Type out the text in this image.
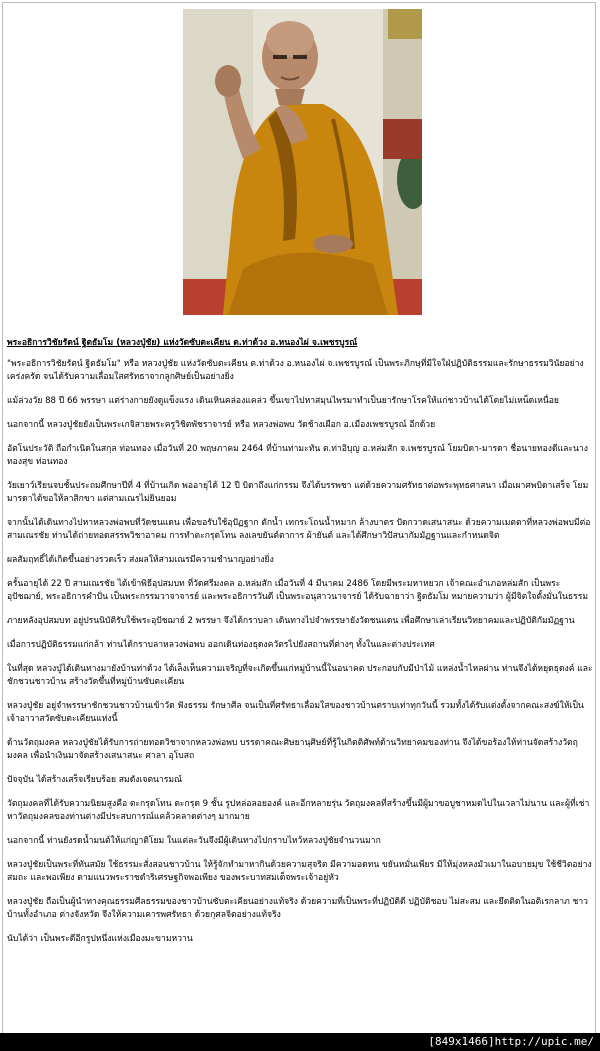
พระอธิการวิชัยรัตน์ ฐิตธัมโม (หลวงปู่ชัย) แห่งวัดซับตะเคียน ต.ท่าด้วง อ.หนองไผ่ จ.เพชรบูรณ์

"พระอธิการวิชัยรัตน์ ฐิตธัมโม" หรือ หลวงปู่ชัย แห่งวัดซับตะเคียน ต.ท่าด้วง อ.หนองไผ่ จ.เพชรบูรณ์ เป็นพระภิกษุที่มีใจใฝ่ปฏิบัติธรรมและรักษาธรรมวินัยอย่างเคร่งครัด จนได้รับความเลื่อมใสศรัทธาจากลูกศิษย์เป็นอย่างยิ่ง

แม้ล่วงวัย 88 ปี 66 พรรษา แต่ร่างกายยังดูแข็งแรง เดินเหินคล่องแคล่ว ขึ้นเขาไปหาสมุนไพรมาทำเป็นยารักษาโรคให้แก่ชาวบ้านได้โดยไม่เหน็ดเหนื่อย

นอกจากนี้ หลวงปู่ชัยยังเป็นพระเกจิสายพระครูวิชิตพัชราจารย์ หรือ หลวงพ่อพบ วัดช้างเผือก อ.เมืองเพชรบูรณ์ อีกด้วย

อัตโนประวัติ ถือกำเนิดในสกุล ท่อนทอง เมื่อวันที่ 20 พฤษภาคม 2464 ที่บ้านท่ามะทัน ต.ท่าอิบุญ อ.หล่มสัก จ.เพชรบูรณ์ โยมบิดา-มารดา ชื่อนายทองดีและนางทองสุข ท่อนทอง

วัยเยาว์เรียนจบชั้นประถมศึกษาปีที่ 4 ที่บ้านเกิด พออายุได้ 12 ปี บิดาถึงแก่กรรม จึงได้บรรพชา แต่ด้วยความศรัทธาต่อพระพุทธศาสนา เมื่อเผาศพบิดาเสร็จ โยมมารดาได้ขอให้ลาสิกขา แต่สามเณรไม่ยินยอม

จากนั้นได้เดินทางไปหาหลวงพ่อพบที่วัดชนแดน เพื่อขอรับใช้อุปัฏฐาก ตักน้ำ เทกระโถนน้ำหมาก ล้างบาตร ปัดกวาดเสนาสนะ ด้วยความเมตตาที่หลวงพ่อพบมีต่อสามเณรชัย ท่านได้ถ่ายทอดสรรพวิชาอาคม การทำตะกรุดโทน ลงเลขยันต์ตาการ ผ้ายันต์ และได้ศึกษาวิปัสนากัมมัฏฐานและกำหนดจิต

ผลสัมฤทธิ์ได้เกิดขึ้นอย่างรวดเร็ว ส่งผลให้สามเณรมีความชำนาญอย่างยิ่ง

ครั้นอายุได้ 22 ปี สามเณรชัย ได้เข้าพิธีอุปสมบท ที่วัดศรีมงคล อ.หล่มสัก เมื่อวันที่ 4 มีนาคม 2486 โดยมีพระมหาหยวก เจ้าคณะอำเภอหล่มสัก เป็นพระอุปัชฌาย์, พระอธิการคำปั่น เป็นพระกรรมวาจาจารย์ และพระอธิการวันดี เป็นพระอนุสาวนาจารย์ ได้รับฉายาว่า ฐิตธัมโม หมายความว่า ผู้มีจิตใจตั้งมั่นในธรรม

ภายหลังอุปสมบท อยู่ปรนนิบัติรับใช้พระอุปัชฌาย์ 2 พรรษา จึงได้กราบลา เดินทางไปจำพรรษายังวัดชนแดน เพื่อศึกษาเล่าเรียนวิทยาคมและปฏิบัติกัมมัฏฐาน

เมื่อการปฏิบัติธรรมแก่กล้า ท่านได้กราบลาหลวงพ่อพบ ออกเดินท่องธุดงควัตรไปยังสถานที่ต่างๆ ทั้งในและต่างประเทศ

ในที่สุด หลวงปู่ได้เดินทางมายังบ้านท่าด้วง ได้เล็งเห็นความเจริญที่จะเกิดขึ้นแก่หมู่บ้านนี้ในอนาคต ประกอบกับมีป่าไม้ แหล่งน้ำไหลผ่าน ท่านจึงได้หยุดธุดงค์ และชักชวนชาวบ้าน สร้างวัดขึ้นที่หมู่บ้านซับตะเคียน

หลวงปู่ชัย อยู่จำพรรษาชักชวนชาวบ้านเข้าวัด ฟังธรรม รักษาศีล จนเป็นที่ศรัทธาเลื่อมใสของชาวบ้านตราบเท่าทุกวันนี้ รวมทั้งได้รับแต่งตั้งจากคณะสงฆ์ให้เป็นเจ้าอาวาสวัดซับตะเคียนแห่งนี้

ด้านวัตถุมงคล หลวงปู่ชัยได้รับการถ่ายทอดวิชาจากหลวงพ่อพบ บรรดาคณะศิษยานุศิษย์ที่รู้ในกิตติศัพท์ด้านวิทยาคมของท่าน จึงได้ขอร้องให้ท่านจัดสร้างวัตถุมงคล เพื่อนำเงินมาจัดสร้างเสนาสนะ ศาลา อุโบสถ

ปัจจุบัน ได้สร้างเสร็จเรียบร้อย สมดังเจตนารมณ์

วัตถุมงคลที่ได้รับความนิยมสูงคือ ตะกรุดโทน ตะกรุด 9 ชั้น รูปหล่อลอยองค์ และอีกหลายรุ่น วัตถุมงคลที่สร้างขึ้นมีผู้มาขอบูชาหมดไปในเวลาไม่นาน และผู้ที่เช่าหาวัตถุมงคลของท่านต่างมีประสบการณ์แคล้วคลาดต่างๆ มากมาย

นอกจากนี้ ท่านยังรดน้ำมนต์ให้แก่ญาติโยม ในแต่ละวันจึงมีผู้เดินทางไปกราบไหว้หลวงปู่ชัยจำนวนมาก

หลวงปู่ชัยเป็นพระที่ทันสมัย ใช้ธรรมะสั่งสอนชาวบ้าน ให้รู้จักทำมาหากินด้วยความสุจริต มีความอดทน ขยันหมั่นเพียร มีให้มุ่งหลงมัวเมาในอบายมุข ใช้ชีวิตอย่างสมถะ และพอเพียง ตามแนวพระราชดำริเศรษฐกิจพอเพียง ของพระบาทสมเด็จพระเจ้าอยู่หัว

หลวงปู่ชัย ถือเป็นผู้นำทางคุณธรรมศีลธรรมของชาวบ้านซับตะเคียนอย่างแท้จริง ด้วยความที่เป็นพระที่ปฏิบัติดี ปฏิบัติชอบ ไม่สะสม และยึดติดในอติเรกลาภ ชาวบ้านทั้งอำเภอ ต่างจังหวัด จึงให้ความเคารพศรัทธา ด้วยกุศลจิตอย่างแท้จริง

นับได้ว่า เป็นพระดีอีกรูปหนึ่งแห่งเมืองมะขามหวาน

[849x1466]http://upic.me/
